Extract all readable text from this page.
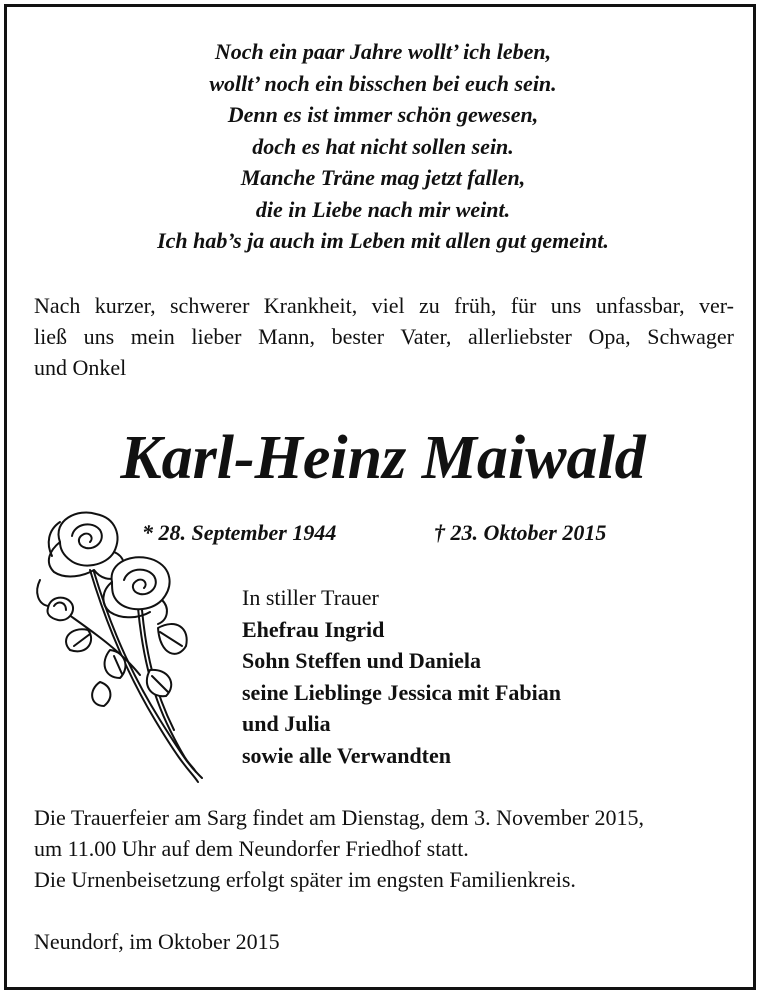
Noch ein paar Jahre wollt’ ich leben,
wollt’ noch ein bisschen bei euch sein.
Denn es ist immer schön gewesen,
doch es hat nicht sollen sein.
Manche Träne mag jetzt fallen,
die in Liebe nach mir weint.
Ich hab’s ja auch im Leben mit allen gut gemeint.
Nach kurzer, schwerer Krankheit, viel zu früh, für uns unfassbar, ver-
ließ uns mein lieber Mann, bester Vater, allerliebster Opa, Schwager
und Onkel
Karl-Heinz Maiwald
* 28. September 1944	† 23. Oktober 2015
In stiller Trauer
Ehefrau Ingrid
Sohn Steffen und Daniela
seine Lieblinge Jessica mit Fabian
und Julia
sowie alle Verwandten
Die Trauerfeier am Sarg findet am Dienstag, dem 3. November 2015,
um 11.00 Uhr auf dem Neundorfer Friedhof statt.
Die Urnenbeisetzung erfolgt später im engsten Familienkreis.
Neundorf, im Oktober 2015
